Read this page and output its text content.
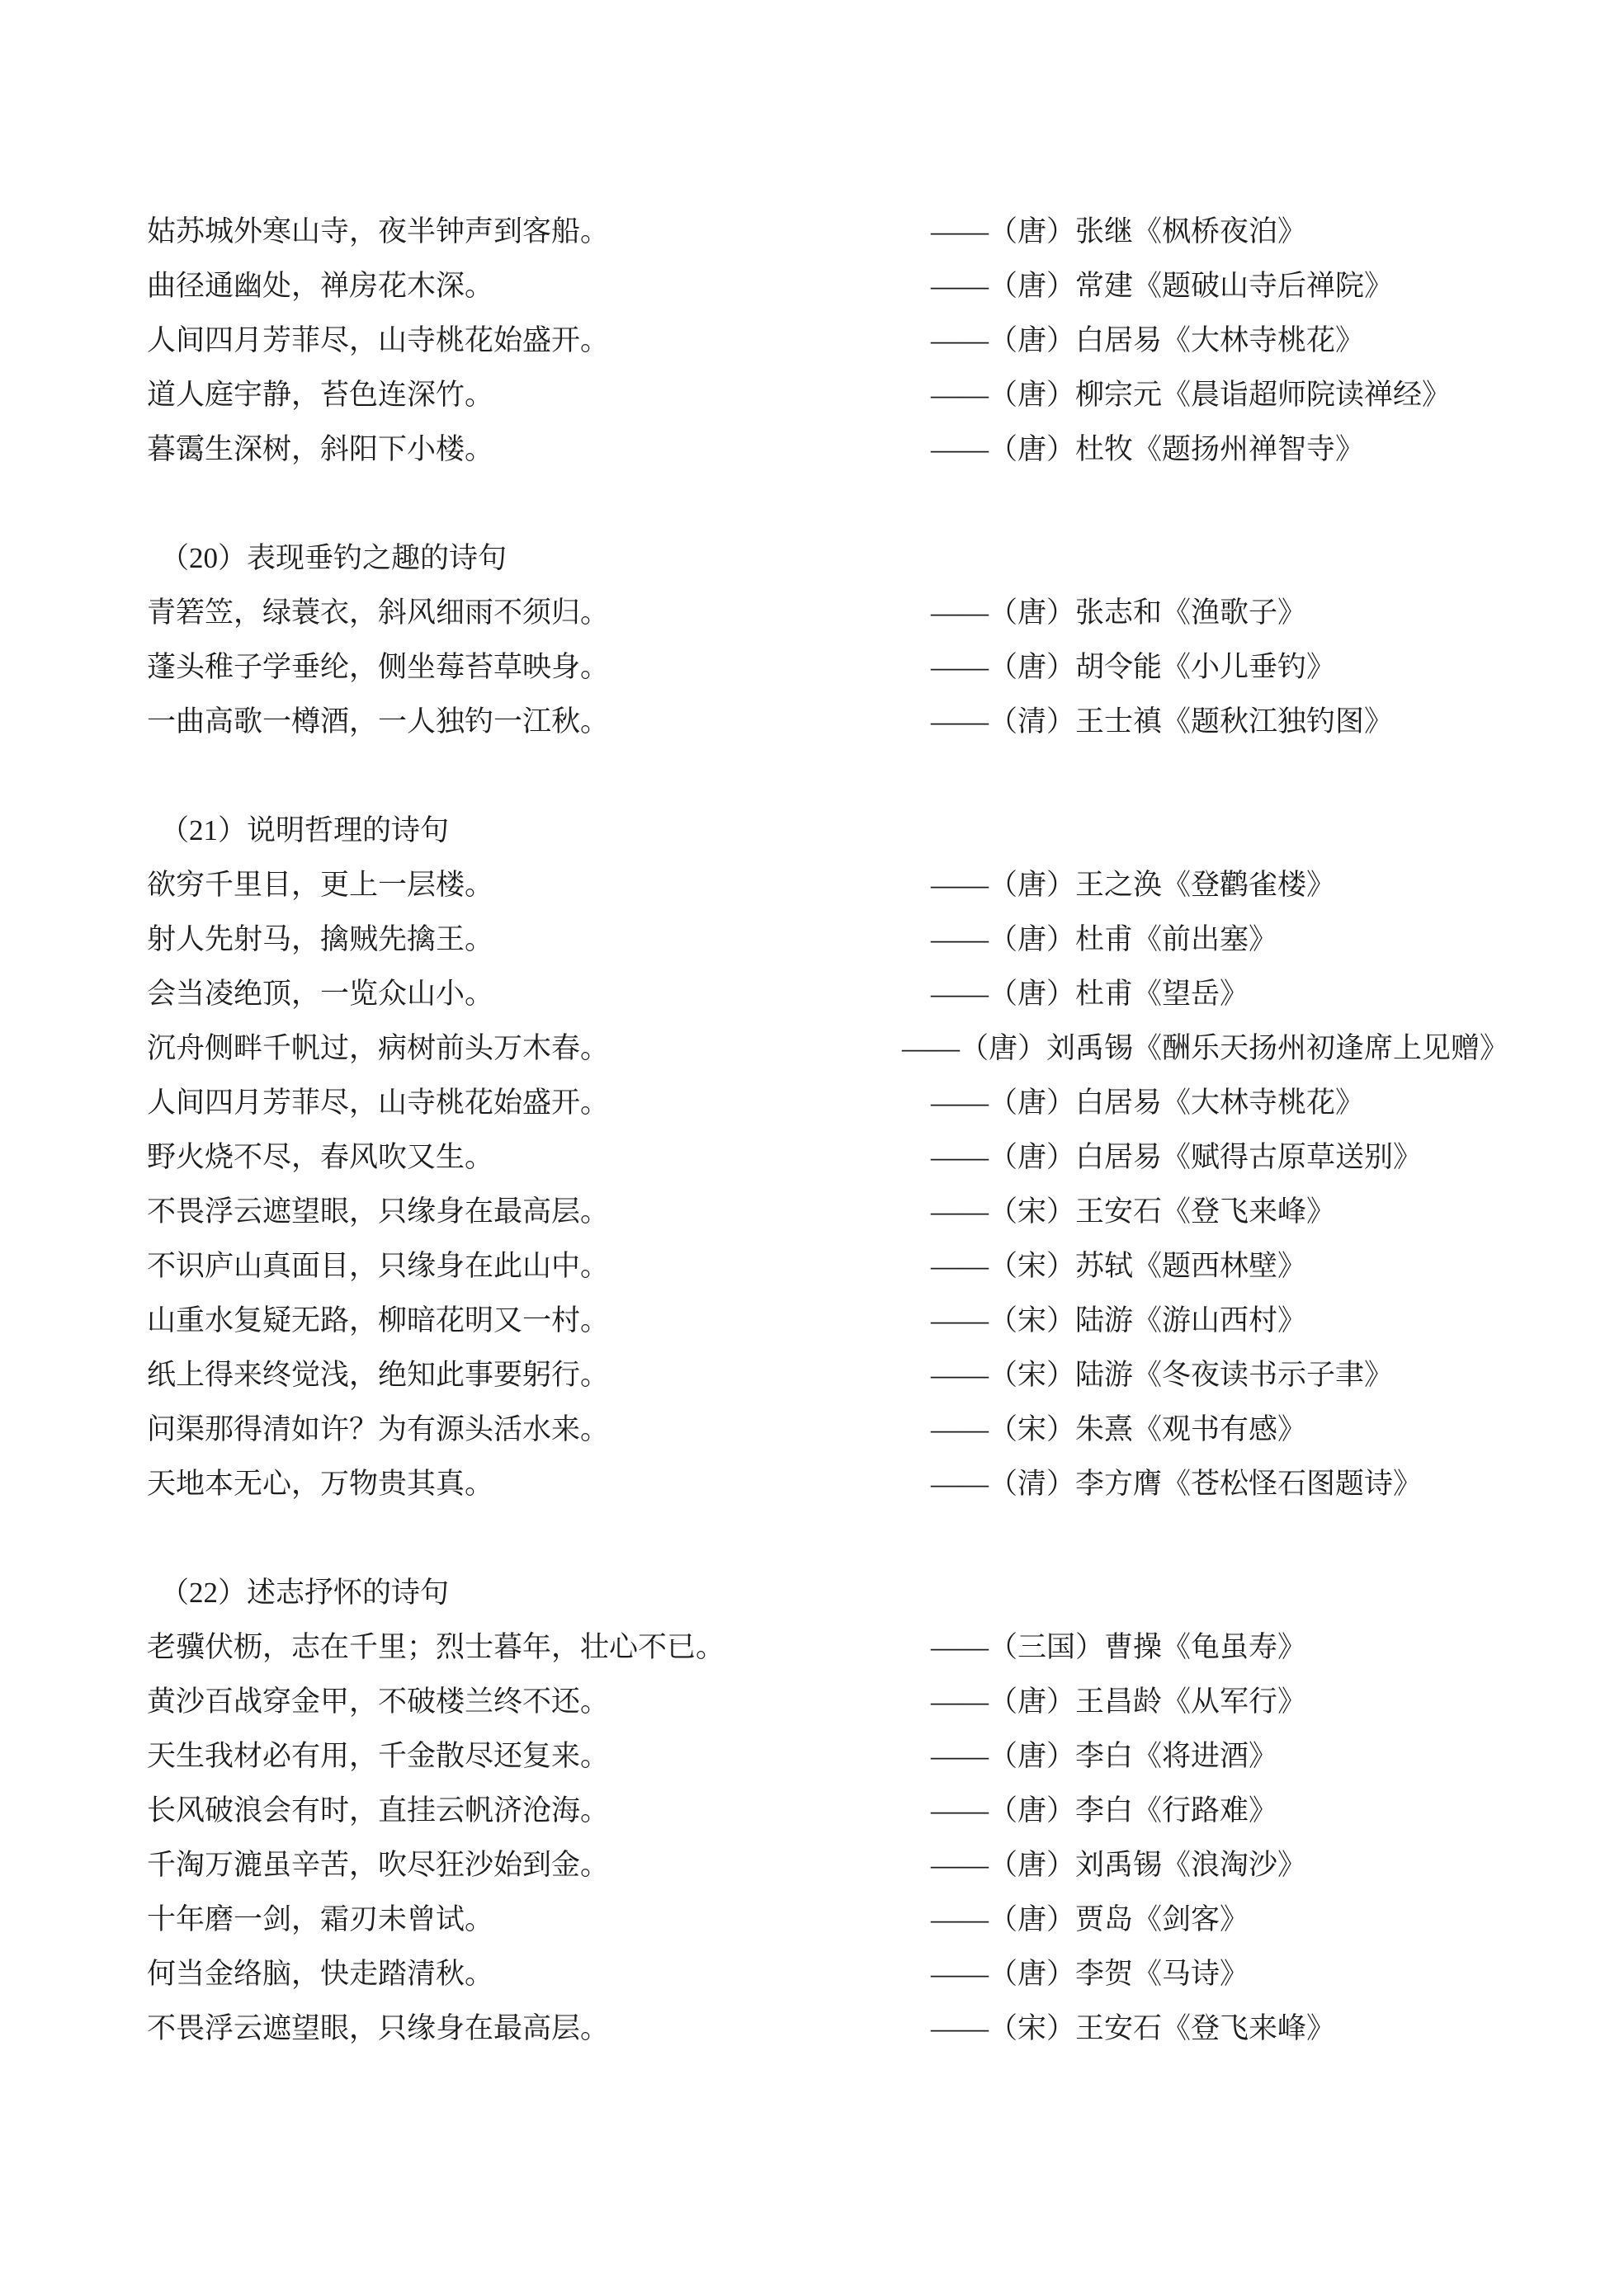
姑苏城外寒山寺，夜半钟声到客船。	——（唐）张继《枫桥夜泊》
曲径通幽处，禅房花木深。	——（唐）常建《题破山寺后禅院》
人间四月芳菲尽，山寺桃花始盛开。	——（唐）白居易《大林寺桃花》
道人庭宇静，苔色连深竹。	——（唐）柳宗元《晨诣超师院读禅经》
暮霭生深树，斜阳下小楼。	——（唐）杜牧《题扬州禅智寺》
（20）表现垂钓之趣的诗句
青箬笠，绿蓑衣，斜风细雨不须归。	——（唐）张志和《渔歌子》
蓬头稚子学垂纶，侧坐莓苔草映身。	——（唐）胡令能《小儿垂钓》
一曲高歌一樽酒，一人独钓一江秋。	——（清）王士禛《题秋江独钓图》
（21）说明哲理的诗句
欲穷千里目，更上一层楼。	——（唐）王之涣《登鹳雀楼》
射人先射马，擒贼先擒王。	——（唐）杜甫《前出塞》
会当凌绝顶，一览众山小。	——（唐）杜甫《望岳》
沉舟侧畔千帆过，病树前头万木春。	——（唐）刘禹锡《酬乐天扬州初逢席上见赠》
人间四月芳菲尽，山寺桃花始盛开。	——（唐）白居易《大林寺桃花》
野火烧不尽，春风吹又生。	——（唐）白居易《赋得古原草送别》
不畏浮云遮望眼，只缘身在最高层。	——（宋）王安石《登飞来峰》
不识庐山真面目，只缘身在此山中。	——（宋）苏轼《题西林壁》
山重水复疑无路，柳暗花明又一村。	——（宋）陆游《游山西村》
纸上得来终觉浅，绝知此事要躬行。	——（宋）陆游《冬夜读书示子聿》
问渠那得清如许？为有源头活水来。	——（宋）朱熹《观书有感》
天地本无心，万物贵其真。	——（清）李方膺《苍松怪石图题诗》
（22）述志抒怀的诗句
老骥伏枥，志在千里；烈士暮年，壮心不已。	——（三国）曹操《龟虽寿》
黄沙百战穿金甲，不破楼兰终不还。	——（唐）王昌龄《从军行》
天生我材必有用，千金散尽还复来。	——（唐）李白《将进酒》
长风破浪会有时，直挂云帆济沧海。	——（唐）李白《行路难》
千淘万漉虽辛苦，吹尽狂沙始到金。	——（唐）刘禹锡《浪淘沙》
十年磨一剑，霜刃未曾试。	——（唐）贾岛《剑客》
何当金络脑，快走踏清秋。	——（唐）李贺《马诗》
不畏浮云遮望眼，只缘身在最高层。	——（宋）王安石《登飞来峰》
